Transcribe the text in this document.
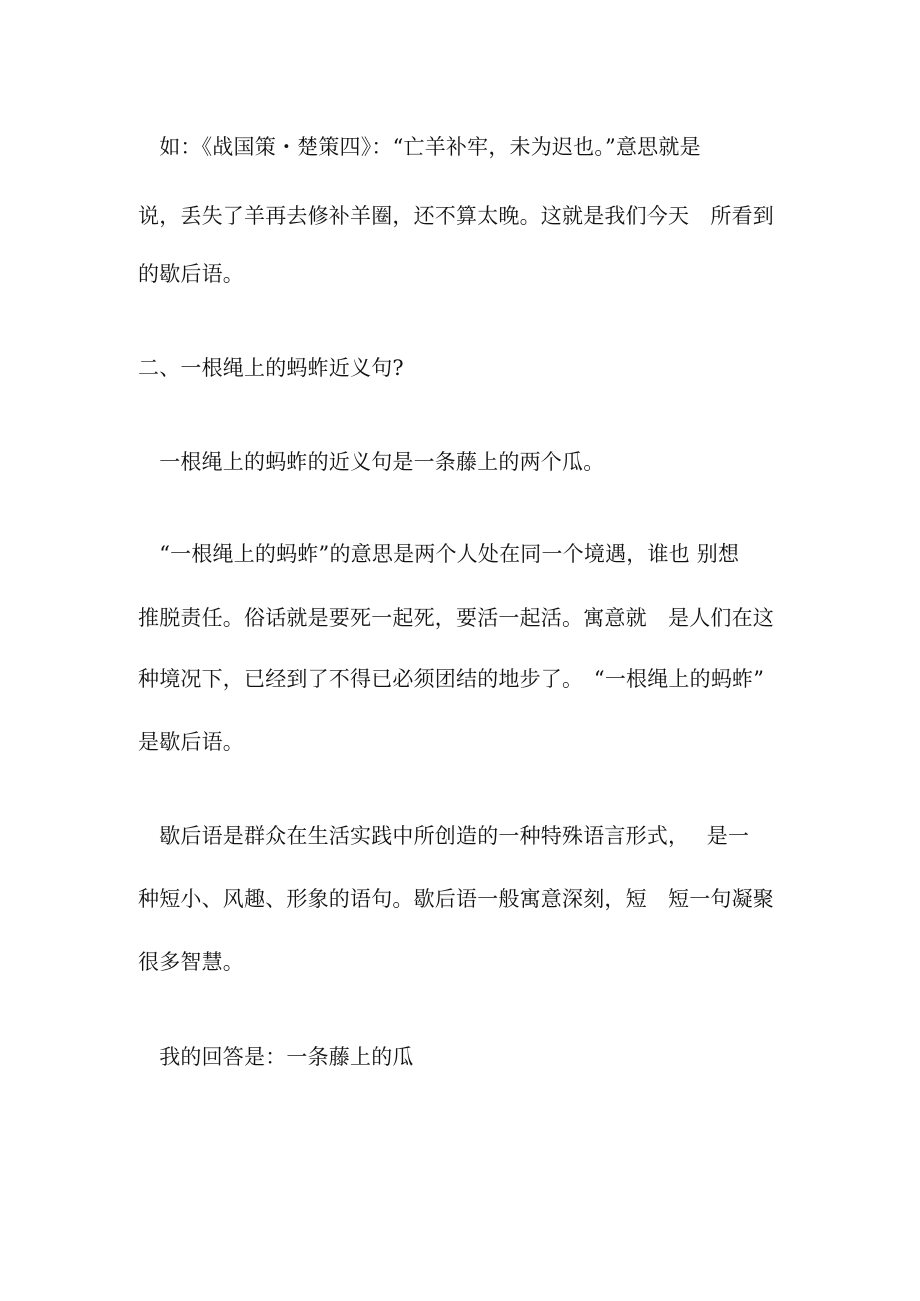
　如：《战国策・楚策四》：“亡羊补牢，未为迟也。”意思就是
说，丢失了羊再去修补羊圈，还不算太晚。这就是我们今天　所看到
的歇后语。
二、一根绳上的蚂蚱近义句?
　一根绳上的蚂蚱的近义句是一条藤上的两个瓜。
　“一根绳上的蚂蚱”的意思是两个人处在同一个境遇，谁也 别想
推脱责任。俗话就是要死一起死，要活一起活。寓意就　是人们在这
种境况下，已经到了不得已必须团结的地步了。　“一根绳上的蚂蚱”
是歇后语。
　歇后语是群众在生活实践中所创造的一种特殊语言形式，　 是一
种短小、风趣、形象的语句。歇后语一般寓意深刻，短　短一句凝聚
很多智慧。
　我的回答是：一条藤上的瓜
